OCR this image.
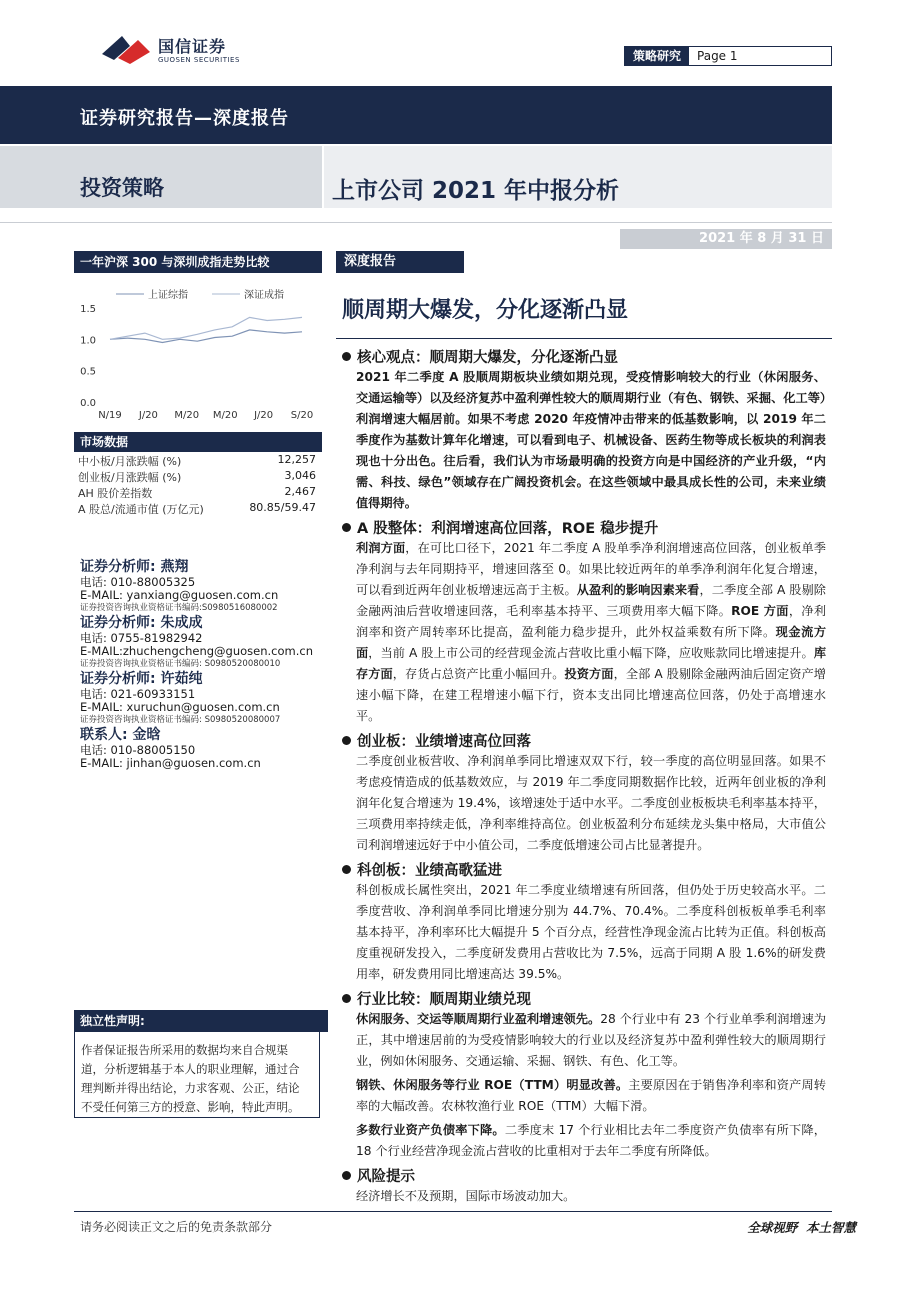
国信证券
GUOSEN SECURITIES	策略研究	Page 1
证券研究报告—深度报告
投资策略	上市公司 2021 年中报分析
2021 年 8 月 31 日
一年沪深 300 与深圳成指走势比较
1.5
1.0
0.5
0.0
N/19 J/20 M/20 M/20 J/20 S/20
上证综指	深证成指
市场数据
中小板/月涨跌幅 (%)	12,257
创业板/月涨跌幅 (%)	3,046
AH 股价差指数	2,467
A 股总/流通市值 (万亿元)	80.85/59.47
证券分析师: 燕翔
电话: 010-88005325
E-MAIL: yanxiang@guosen.com.cn
证券投资咨询执业资格证书编码:S0980516080002
证券分析师: 朱成成
电话: 0755-81982942
E-MAIL:zhuchengcheng@guosen.com.cn
证券投资咨询执业资格证书编码: S0980520080010
证券分析师: 许茹纯
电话: 021-60933151
E-MAIL: xuruchun@guosen.com.cn
证券投资咨询执业资格证书编码: S0980520080007
联系人: 金晗
电话: 010-88005150
E-MAIL: jinhan@guosen.com.cn
独立性声明:
作者保证报告所采用的数据均来自合规渠
道，分析逻辑基于本人的职业理解，通过合
理判断并得出结论，力求客观、公正，结论
不受任何第三方的授意、影响，特此声明。
深度报告
顺周期大爆发，分化逐渐凸显
核心观点：顺周期大爆发，分化逐渐凸显
2021 年二季度 A 股顺周期板块业绩如期兑现，受疫情影响较大的行业（休闲服务、交通运输等）以及经济复苏中盈利弹性较大的顺周期行业（有色、钢铁、采掘、化工等）利润增速大幅居前。如果不考虑 2020 年疫情冲击带来的低基数影响，以 2019 年二季度作为基数计算年化增速，可以看到电子、机械设备、医药生物等成长板块的利润表现也十分出色。往后看，我们认为市场最明确的投资方向是中国经济的产业升级，“内需、科技、绿色”领域存在广阔投资机会。在这些领域中最具成长性的公司，未来业绩值得期待。
A 股整体：利润增速高位回落，ROE 稳步提升
利润方面，在可比口径下，2021 年二季度 A 股单季净利润增速高位回落，创业板单季净利润与去年同期持平，增速回落至 0。如果比较近两年的单季净利润年化复合增速，可以看到近两年创业板增速远高于主板。从盈利的影响因素来看，二季度全部 A 股剔除金融两油后营收增速回落，毛利率基本持平、三项费用率大幅下降。ROE 方面，净利润率和资产周转率环比提高，盈利能力稳步提升，此外权益乘数有所下降。现金流方面，当前 A 股上市公司的经营现金流占营收比重小幅下降，应收账款同比增速提升。库存方面，存货占总资产比重小幅回升。投资方面，全部 A 股剔除金融两油后固定资产增速小幅下降，在建工程增速小幅下行，资本支出同比增速高位回落，仍处于高增速水平。
创业板：业绩增速高位回落
二季度创业板营收、净利润单季同比增速双双下行，较一季度的高位明显回落。如果不考虑疫情造成的低基数效应，与 2019 年二季度同期数据作比较，近两年创业板的净利润年化复合增速为 19.4%，该增速处于适中水平。二季度创业板板块毛利率基本持平，三项费用率持续走低，净利率维持高位。创业板盈利分布延续龙头集中格局，大市值公司利润增速远好于中小值公司，二季度低增速公司占比显著提升。
科创板：业绩高歌猛进
科创板成长属性突出，2021 年二季度业绩增速有所回落，但仍处于历史较高水平。二季度营收、净利润单季同比增速分别为 44.7%、70.4%。二季度科创板板单季毛利率基本持平，净利率环比大幅提升 5 个百分点，经营性净现金流占比转为正值。科创板高度重视研发投入，二季度研发费用占营收比为 7.5%，远高于同期 A 股 1.6%的研发费用率，研发费用同比增速高达 39.5%。
行业比较：顺周期业绩兑现
休闲服务、交运等顺周期行业盈利增速领先。28 个行业中有 23 个行业单季利润增速为正，其中增速居前的为受疫情影响较大的行业以及经济复苏中盈利弹性较大的顺周期行业，例如休闲服务、交通运输、采掘、钢铁、有色、化工等。
钢铁、休闲服务等行业 ROE（TTM）明显改善。主要原因在于销售净利率和资产周转率的大幅改善。农林牧渔行业 ROE（TTM）大幅下滑。
多数行业资产负债率下降。二季度末 17 个行业相比去年二季度资产负债率有所下降，18 个行业经营净现金流占营收的比重相对于去年二季度有所降低。
风险提示
经济增长不及预期，国际市场波动加大。
请务必阅读正文之后的免责条款部分	全球视野  本土智慧
